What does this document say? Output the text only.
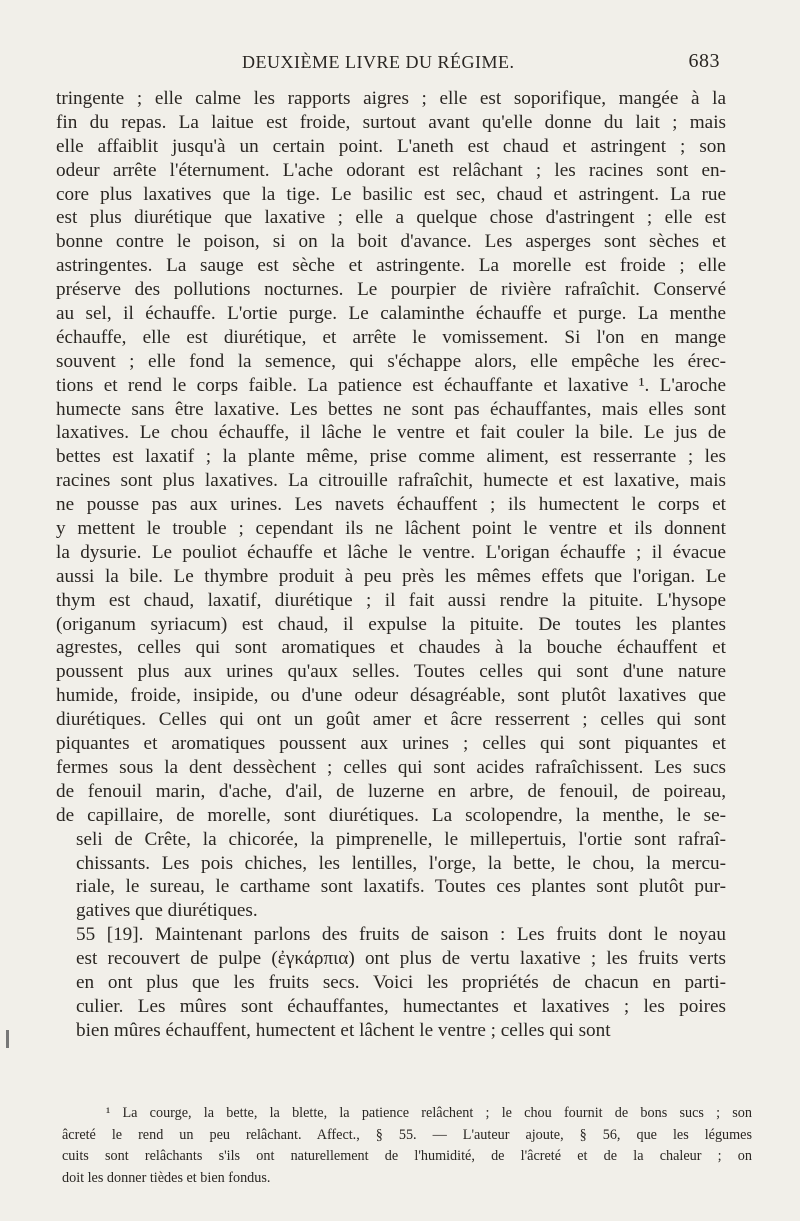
DEUXIÈME LIVRE DU RÉGIME.	683
tringente ; elle calme les rapports aigres ; elle est soporifique, mangée à la
fin du repas. La laitue est froide, surtout avant qu'elle donne du lait ; mais
elle affaiblit jusqu'à un certain point. L'aneth est chaud et astringent ; son
odeur arrête l'éternument. L'ache odorant est relâchant ; les racines sont en-
core plus laxatives que la tige. Le basilic est sec, chaud et astringent. La rue
est plus diurétique que laxative ; elle a quelque chose d'astringent ; elle est
bonne contre le poison, si on la boit d'avance. Les asperges sont sèches et
astringentes. La sauge est sèche et astringente. La morelle est froide ; elle
préserve des pollutions nocturnes. Le pourpier de rivière rafraîchit. Conservé
au sel, il échauffe. L'ortie purge. Le calaminthe échauffe et purge. La menthe
échauffe, elle est diurétique, et arrête le vomissement. Si l'on en mange
souvent ; elle fond la semence, qui s'échappe alors, elle empêche les érec-
tions et rend le corps faible. La patience est échauffante et laxative ¹. L'aroche
humecte sans être laxative. Les bettes ne sont pas échauffantes, mais elles sont
laxatives. Le chou échauffe, il lâche le ventre et fait couler la bile. Le jus de
bettes est laxatif ; la plante même, prise comme aliment, est resserrante ; les
racines sont plus laxatives. La citrouille rafraîchit, humecte et est laxative, mais
ne pousse pas aux urines. Les navets échauffent ; ils humectent le corps et
y mettent le trouble ; cependant ils ne lâchent point le ventre et ils donnent
la dysurie. Le pouliot échauffe et lâche le ventre. L'origan échauffe ; il évacue
aussi la bile. Le thymbre produit à peu près les mêmes effets que l'origan. Le
thym est chaud, laxatif, diurétique ; il fait aussi rendre la pituite. L'hysope
(origanum syriacum) est chaud, il expulse la pituite. De toutes les plantes
agrestes, celles qui sont aromatiques et chaudes à la bouche échauffent et
poussent plus aux urines qu'aux selles. Toutes celles qui sont d'une nature
humide, froide, insipide, ou d'une odeur désagréable, sont plutôt laxatives que
diurétiques. Celles qui ont un goût amer et âcre resserrent ; celles qui sont
piquantes et aromatiques poussent aux urines ; celles qui sont piquantes et
fermes sous la dent dessèchent ; celles qui sont acides rafraîchissent. Les sucs
de fenouil marin, d'ache, d'ail, de luzerne en arbre, de fenouil, de poireau,
de capillaire, de morelle, sont diurétiques. La scolopendre, la menthe, le se-
seli de Crête, la chicorée, la pimprenelle, le millepertuis, l'ortie sont rafraî-
chissants. Les pois chiches, les lentilles, l'orge, la bette, le chou, la mercu-
riale, le sureau, le carthame sont laxatifs. Toutes ces plantes sont plutôt pur-
gatives que diurétiques.
55 [19]. Maintenant parlons des fruits de saison : Les fruits dont le noyau
est recouvert de pulpe (ἐγκάρπια) ont plus de vertu laxative ; les fruits verts
en ont plus que les fruits secs. Voici les propriétés de chacun en parti-
culier. Les mûres sont échauffantes, humectantes et laxatives ; les poires
bien mûres échauffent, humectent et lâchent le ventre ; celles qui sont
¹ La courge, la bette, la blette, la patience relâchent ; le chou fournit de bons sucs ; son
âcreté le rend un peu relâchant. Affect., § 55. — L'auteur ajoute, § 56, que les légumes
cuits sont relâchants s'ils ont naturellement de l'humidité, de l'âcreté et de la chaleur ; on
doit les donner tièdes et bien fondus.
